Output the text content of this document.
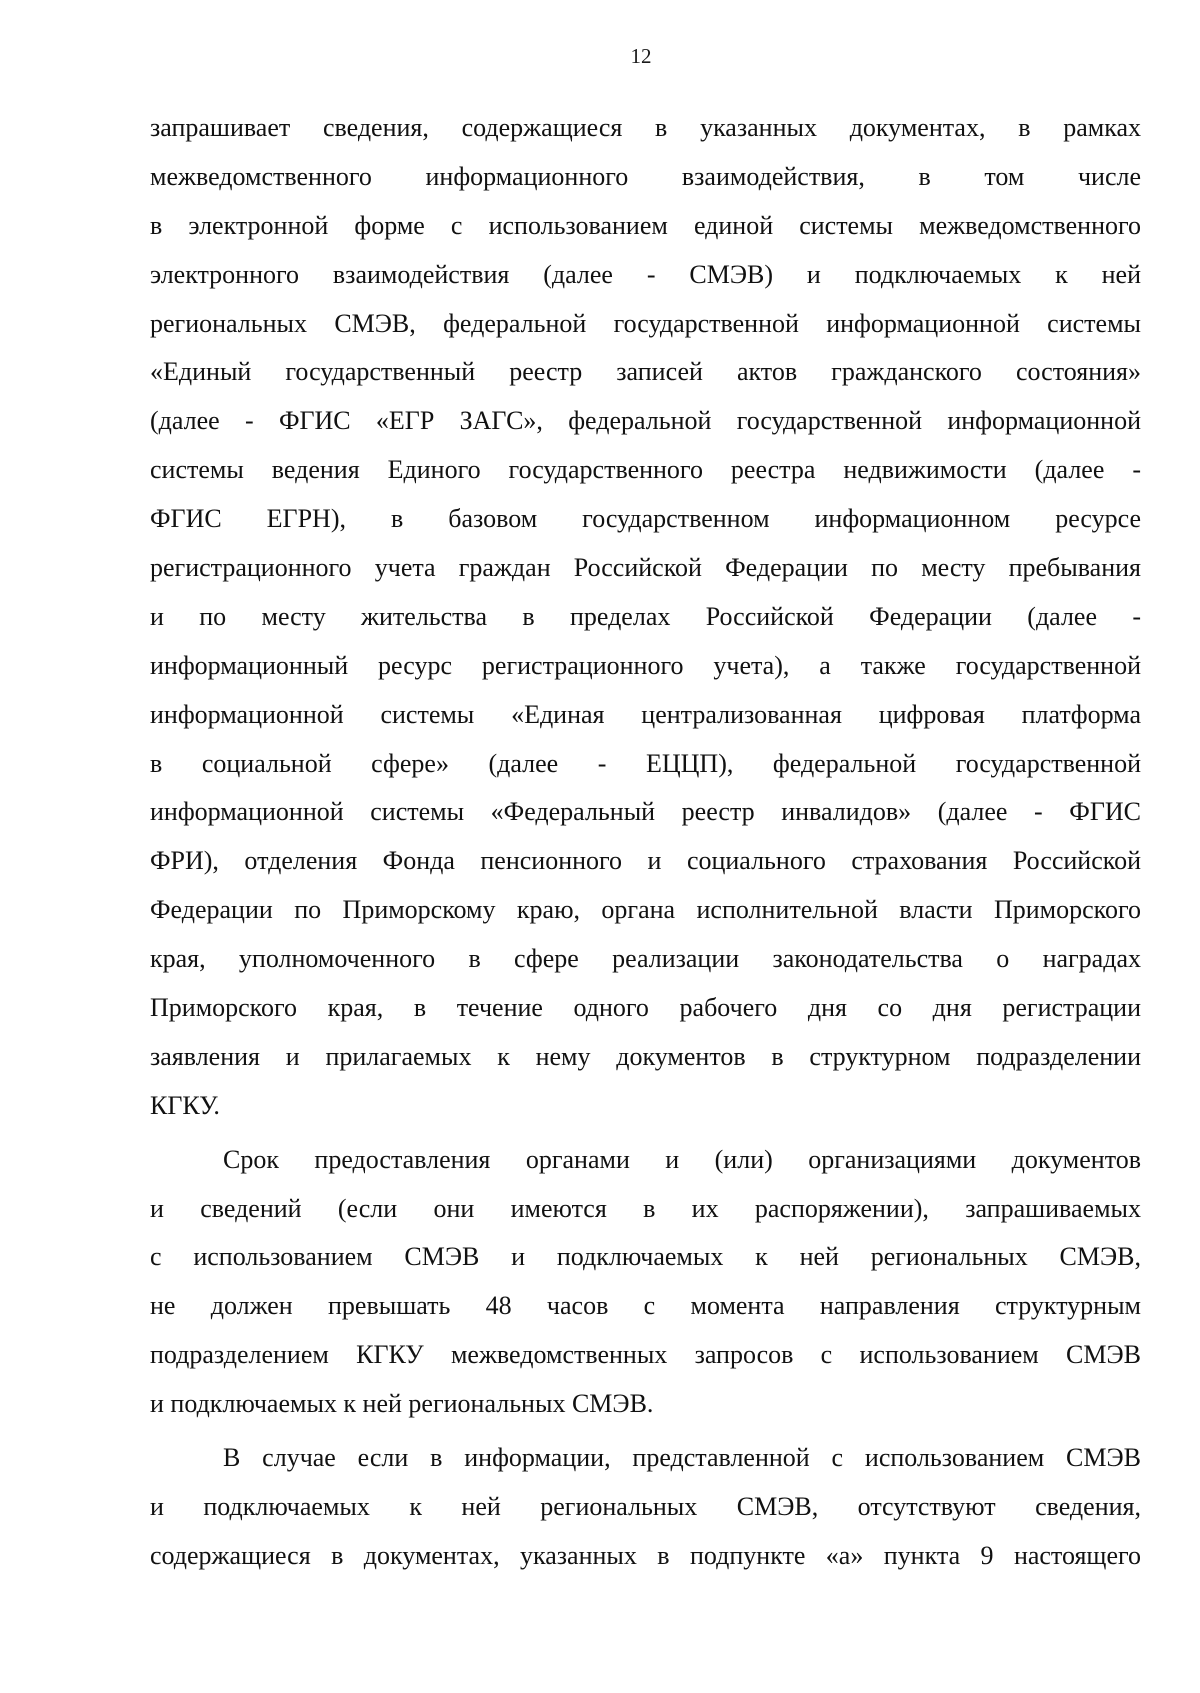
12
запрашивает сведения, содержащиеся в указанных документах, в рамках
межведомственного информационного взаимодействия, в том числе
в электронной форме с использованием единой системы межведомственного
электронного взаимодействия (далее - СМЭВ) и подключаемых к ней
региональных СМЭВ, федеральной государственной информационной системы
«Единый государственный реестр записей актов гражданского состояния»
(далее - ФГИС «ЕГР ЗАГС», федеральной государственной информационной
системы ведения Единого государственного реестра недвижимости (далее -
ФГИС ЕГРН), в базовом государственном информационном ресурсе
регистрационного учета граждан Российской Федерации по месту пребывания
и по месту жительства в пределах Российской Федерации (далее -
информационный ресурс регистрационного учета), а также государственной
информационной системы «Единая централизованная цифровая платформа
в социальной сфере» (далее - ЕЦЦП), федеральной государственной
информационной системы «Федеральный реестр инвалидов» (далее - ФГИС
ФРИ), отделения Фонда пенсионного и социального страхования Российской
Федерации по Приморскому краю, органа исполнительной власти Приморского
края, уполномоченного в сфере реализации законодательства о наградах
Приморского края, в течение одного рабочего дня со дня регистрации
заявления и прилагаемых к нему документов в структурном подразделении
КГКУ.
Срок предоставления органами и (или) организациями документов
и сведений (если они имеются в их распоряжении), запрашиваемых
с использованием СМЭВ и подключаемых к ней региональных СМЭВ,
не должен превышать 48 часов с момента направления структурным
подразделением КГКУ межведомственных запросов с использованием СМЭВ
и подключаемых к ней региональных СМЭВ.
В случае если в информации, представленной с использованием СМЭВ
и подключаемых к ней региональных СМЭВ, отсутствуют сведения,
содержащиеся в документах, указанных в подпункте «а» пункта 9 настоящего
